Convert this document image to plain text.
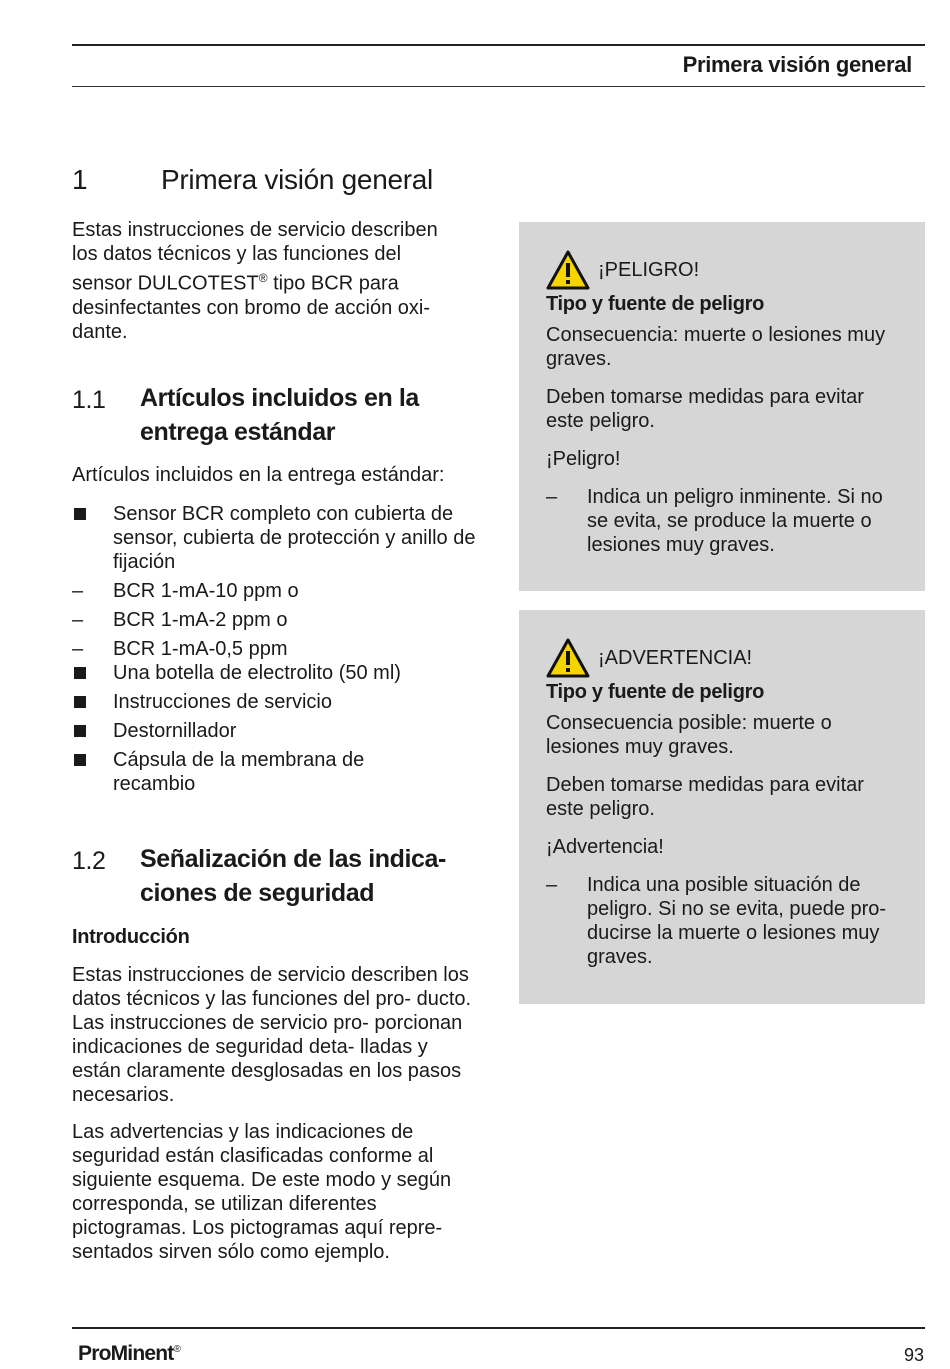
Primera visión general
1	Primera visión general
Estas instrucciones de servicio describen
los datos técnicos y las funciones del
sensor DULCOTEST® tipo BCR para
desinfectantes con bromo de acción oxi-
dante.
1.1 Artículos incluidos en la
entrega estándar
Artículos incluidos en la entrega estándar:
Sensor BCR completo con cubierta de sensor, cubierta de protección y anillo de fijación
– BCR 1-mA-10 ppm o
– BCR 1-mA-2 ppm o
– BCR 1-mA-0,5 ppm
Una botella de electrolito (50 ml)
Instrucciones de servicio
Destornillador
Cápsula de la membrana de recambio
1.2 Señalización de las indica-
ciones de seguridad
Introducción
Estas instrucciones de servicio describen los datos técnicos y las funciones del pro- ducto. Las instrucciones de servicio pro- porcionan indicaciones de seguridad deta- lladas y están claramente desglosadas en los pasos necesarios.
Las advertencias y las indicaciones de seguridad están clasificadas conforme al siguiente esquema. De este modo y según corresponda, se utilizan diferentes pictogramas. Los pictogramas aquí repre- sentados sirven sólo como ejemplo.
¡PELIGRO!
Tipo y fuente de peligro
Consecuencia: muerte o lesiones muy graves.
Deben tomarse medidas para evitar este peligro.
¡Peligro!
– Indica un peligro inminente. Si no se evita, se produce la muerte o lesiones muy graves.
¡ADVERTENCIA!
Tipo y fuente de peligro
Consecuencia posible: muerte o lesiones muy graves.
Deben tomarse medidas para evitar este peligro.
¡Advertencia!
– Indica una posible situación de peligro. Si no se evita, puede pro- ducirse la muerte o lesiones muy graves.
ProMinent®	93
